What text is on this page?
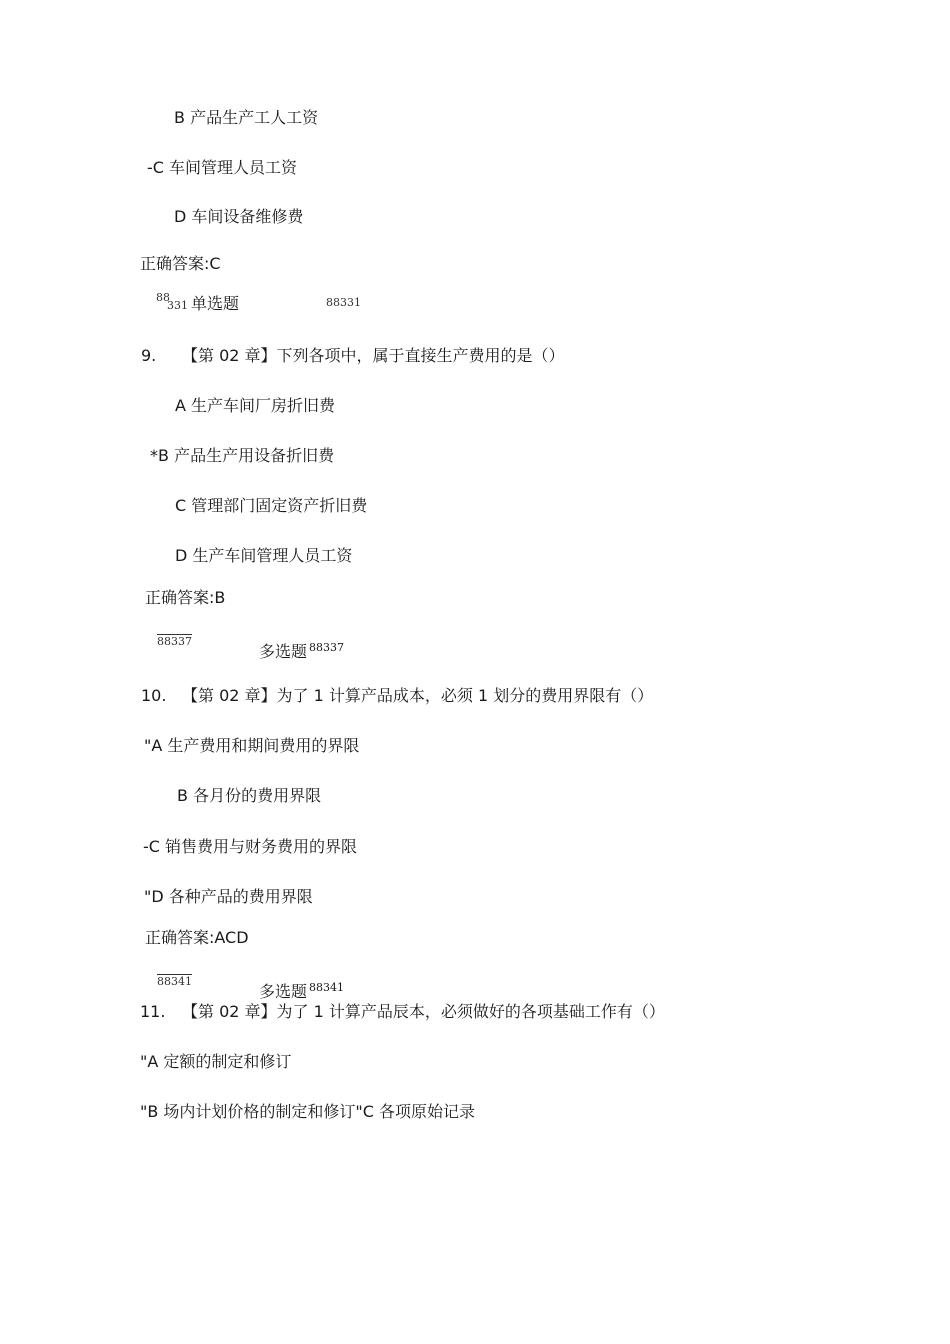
B 产品生产工人工资
-C 车间管理人员工资
D 车间设备维修费
正确答案:C
88
331 单选题	88331
9. 【第 02 章】下列各项中，属于直接生产费用的是（）
A 生产车间厂房折旧费
*B 产品生产用设备折旧费
C 管理部门固定资产折旧费
D 生产车间管理人员工资
正确答案:B
88337
多选题 $^{88337}$
10. 【第 02 章】为了 1 计算产品成本，必须 1 划分的费用界限有（）
"A 生产费用和期间费用的界限
B 各月份的费用界限
-C 销售费用与财务费用的界限
"D 各种产品的费用界限
正确答案:ACD
88341
多选题 $^{88341}$
11. 【第 02 章】为了 1 计算产品辰本，必须做好的各项基础工作有（）
"A 定额的制定和修订
"B 场内计划价格的制定和修订"C 各项原始记录
